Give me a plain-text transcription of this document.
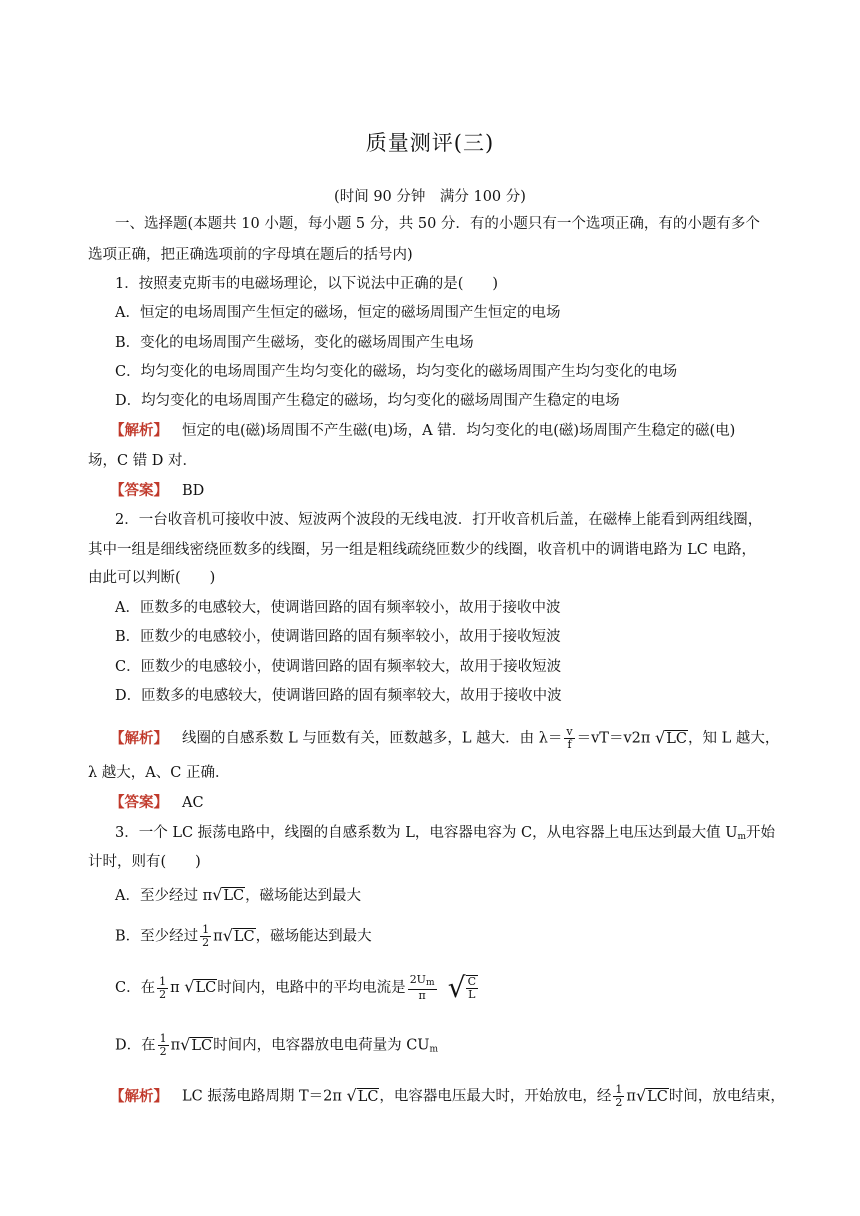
质量测评(三)
(时间 90 分钟　满分 100 分)
一、选择题(本题共 10 小题，每小题 5 分，共 50 分．有的小题只有一个选项正确，有的小题有多个
选项正确，把正确选项前的字母填在题后的括号内)
1．按照麦克斯韦的电磁场理论，以下说法中正确的是(　　)
A．恒定的电场周围产生恒定的磁场，恒定的磁场周围产生恒定的电场
B．变化的电场周围产生磁场，变化的磁场周围产生电场
C．均匀变化的电场周围产生均匀变化的磁场，均匀变化的磁场周围产生均匀变化的电场
D．均匀变化的电场周围产生稳定的磁场，均匀变化的磁场周围产生稳定的电场
【解析】 恒定的电(磁)场周围不产生磁(电)场，A 错．均匀变化的电(磁)场周围产生稳定的磁(电)
场，C 错 D 对．
【答案】 BD
2．一台收音机可接收中波、短波两个波段的无线电波．打开收音机后盖，在磁棒上能看到两组线圈，
其中一组是细线密绕匝数多的线圈，另一组是粗线疏绕匝数少的线圈，收音机中的调谐电路为 LC 电路，
由此可以判断(　　)
A．匝数多的电感较大，使调谐回路的固有频率较小，故用于接收中波
B．匝数少的电感较小，使调谐回路的固有频率较小，故用于接收短波
C．匝数少的电感较小，使调谐回路的固有频率较大，故用于接收短波
D．匝数多的电感较大，使调谐回路的固有频率较大，故用于接收中波
【解析】 线圈的自感系数 L 与匝数有关，匝数越多，L 越大．由 $\lambda= \frac{v}{f} =vT=v2\pi$ √LC，知 L 越大，
λ 越大，A、C 正确．
【答案】 AC
3．一个 LC 振荡电路中，线圈的自感系数为 L，电容器电容为 C，从电容器上电压达到最大值 $U_m$开始
计时，则有(　　)
A．至少经过 π√LC，磁场能达到最大
B．至少经过 $\frac{1}{2} \pi√LC$，磁场能达到最大
C．在 $\frac{1}{2}$ π √LC时间内，电路中的平均电流是 $\frac{2U_m}{\pi}$ √ $\frac{C}{L}$
D．在 $\frac{1}{2} \pi√LC$时间内，电容器放电电荷量为 $CU_m$
【解析】 LC 振荡电路周期 T＝2π √LC，电容器电压最大时，开始放电，经 $\frac{1}{2} \pi√LC$时间，放电结束，
